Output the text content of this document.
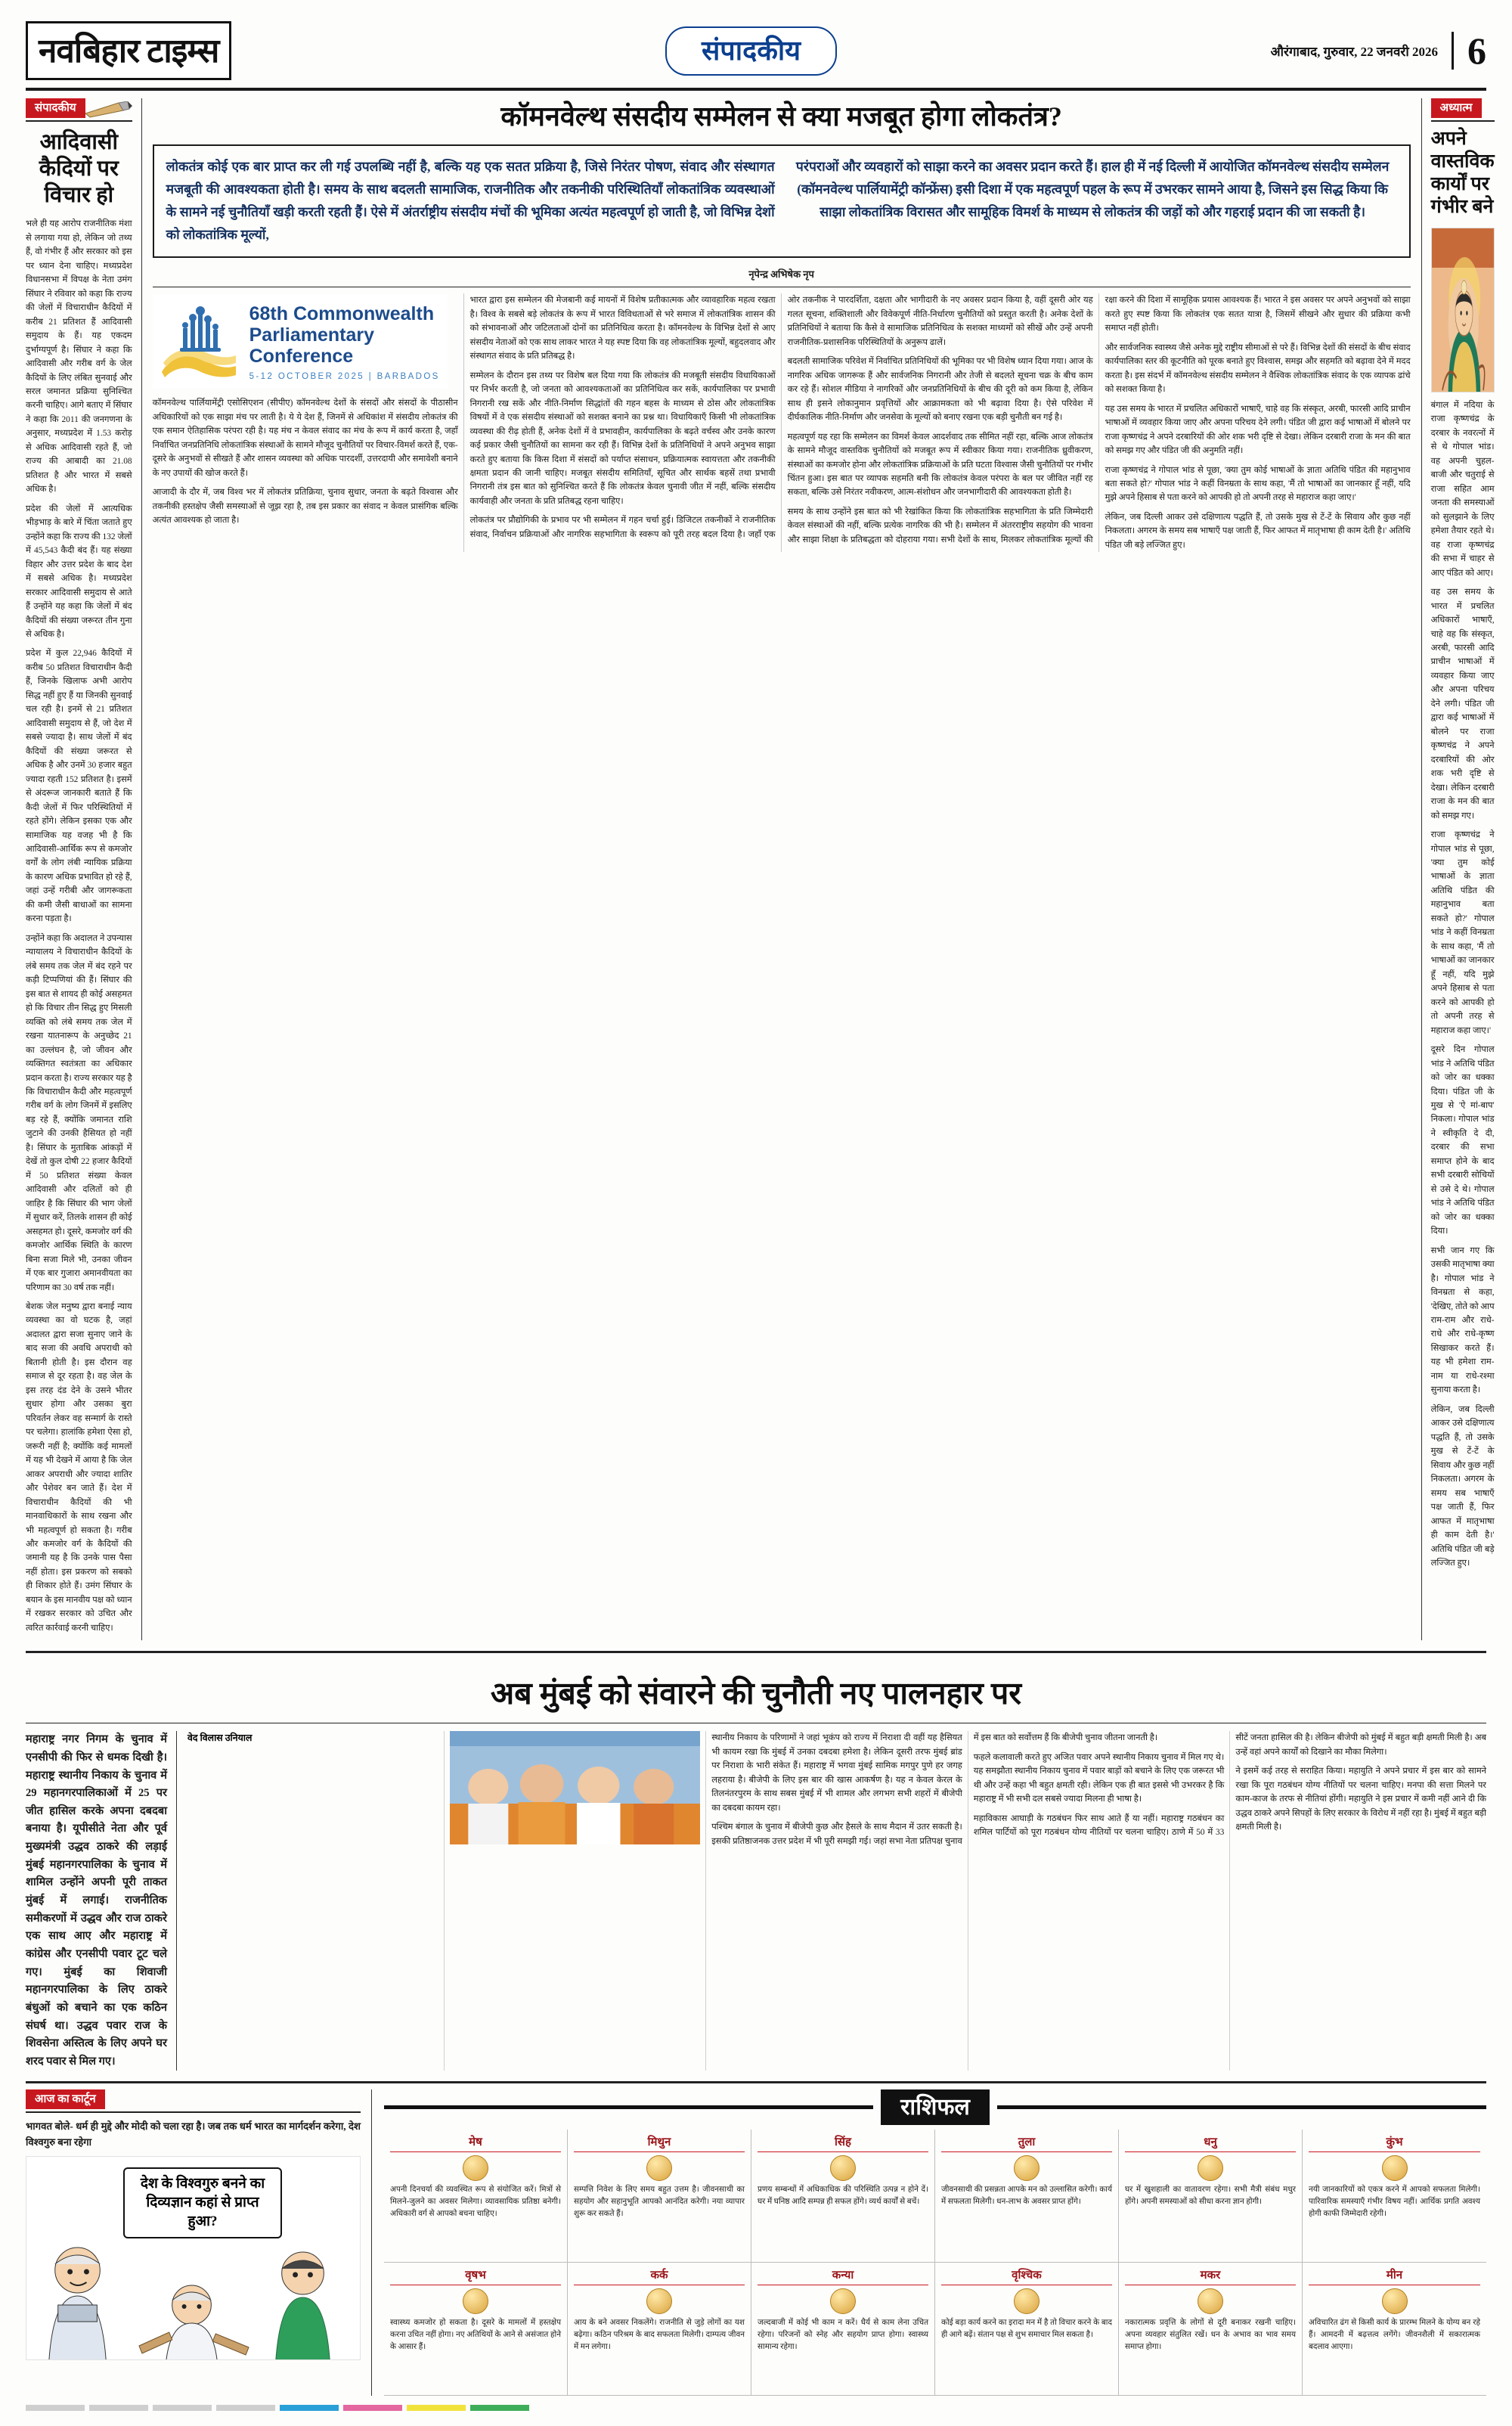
नवबिहार टाइम्स	संपादकीय	औरंगाबाद, गुरुवार, 22 जनवरी 2026 6
संपादकीय
आदिवासी कैदियों पर विचार हो

भले ही यह आरोप राजनीतिक मंशा से लगाया गया हो, लेकिन जो तथ्य हैं, वो गंभीर हैं और सरकार को इस पर ध्यान देना चाहिए। मध्यप्रदेश विधानसभा में विपक्ष के नेता उमंग सिंघार ने रविवार को कहा कि राज्य की जेलों में विचाराधीन कैदियों में करीब 21 प्रतिशत हैं आदिवासी समुदाय के हैं। यह एकदम दुर्भाग्यपूर्ण है। सिंघार ने कहा कि आदिवासी और गरीब वर्ग के जेल कैदियों के लिए लंबित सुनवाई और सरल जमानत प्रक्रिया सुनिश्चित करनी चाहिए। आगे बताए में सिंघार ने कहा कि 2011 की जनगणना के अनुसार, मध्यप्रदेश में 1.53 करोड़ से अधिक आदिवासी रहते हैं, जो राज्य की आबादी का 21.08 प्रतिशत है और भारत में सबसे अधिक है।

प्रदेश की जेलों में आत्यधिक भीड़भाड़ के बारे में चिंता जताते हुए उन्होंने कहा कि राज्य की 132 जेलों में 45,543 कैदी बंद हैं। यह संख्या विहार और उत्तर प्रदेश के बाद देश में सबसे अधिक है। मध्यप्रदेश सरकार आदिवासी समुदाय से आते हैं उन्होंने यह कहा कि जेलों में बंद कैदियों की संख्या जरूरत तीन गुना से अधिक है।

प्रदेश में कुल 22,946 कैदियों में करीब 50 प्रतिशत विचाराधीन कैदी हैं, जिनके खिलाफ अभी आरोप सिद्ध नहीं हुए हैं या जिनकी सुनवाई चल रही है। इनमें से 21 प्रतिशत आदिवासी समुदाय से हैं, जो देश में सबसे ज्यादा है। साथ जेलों में बंद कैदियों की संख्या जरूरत से अधिक है और उनमें 30 हजार बहुत ज्यादा रहती 152 प्रतिशत है। इसमें से अंदरूज जानकारी बताते हैं कि कैदी जेलों में फिर परिस्थितियों में रहते होंगे। लेकिन इसका एक और सामाजिक यह वजह भी है कि आदिवासी-आर्थिक रूप से कमजोर वर्गों के लोग लंबी न्यायिक प्रक्रिया के कारण अधिक प्रभावित हो रहे हैं, जहां उन्हें गरीबी और जागरूकता की कमी जैसी बाधाओं का सामना करना पड़ता है।

उन्होंने कहा कि अदालत ने उपन्यास न्यायालय ने विचाराधीन कैदियों के लंबे समय तक जेल में बंद रहने पर कड़ी टिप्पणियां की हैं। सिंघार की इस बात से शायद ही कोई असहमत हो कि विचार तीन सिद्ध हुए मिसली व्यक्ति को लंबे समय तक जेल में रखना यातनारूप के अनुच्छेद 21 का उल्लंघन है, जो जीवन और व्यक्तिगत स्वतंत्रता का अधिकार प्रदान करता है। राज्य सरकार यह है कि विचाराधीन कैदी और महत्वपूर्ण गरीब वर्ग के लोग जिनमें में इसलिए बड़ रहे हैं, क्योंकि जमानत राशि जुटाने की उनकी हैसियत हो नहीं है। सिंघार के मुताबिक आंकड़ों में देखें तो कुल दोषी 22 हजार कैदियों में 50 प्रतिशत संख्या केवल आदिवासी और दलितों को ही जाहिर है कि सिंघार की भाग जेलों में सुधार करें, तिलके शासन ही कोई असहमत हो। दूसरे, कमजोर वर्ग की कमजोर आर्थिक स्थिति के कारण बिना सजा मिले भी, उनका जीवन में एक बार गुजारा अमानवीयता का परिणाम का 30 वर्ष तक नहीं।

बेशक जेल मनुष्य द्वारा बनाई न्याय व्यवस्था का वो घटक है, जहां अदालत द्वारा सजा सुनाए जाने के बाद सजा की अवधि अपराधी को बितानी होती है। इस दौरान वह समाज से दूर रहता है। वह जेल के इस तरह दंड देने के उसने भीतर सुधार होगा और उसका बुरा परिवर्तन लेकर वह सन्मार्ग के रास्ते पर चलेगा। हालांकि हमेशा ऐसा हो, जरूरी नहीं है; क्योंकि कई मामलों में यह भी देखने में आया है कि जेल आकर अपराधी और ज्यादा शातिर और पेशेवर बन जाते हैं। देश में विचाराधीन कैदियों की भी मानवाधिकारों के साथ रखना और भी महत्वपूर्ण हो सकता है। गरीब और कमजोर वर्ग के कैदियों की जमानी यह है कि उनके पास पैसा नहीं होता। इस प्रकरण को सबको ही शिकार होते हैं। उमंग सिंघार के बयान के इस मानवीय पक्ष को ध्यान में रखकर सरकार को उचित और त्वरित कार्रवाई करनी चाहिए।

कॉमनवेल्थ संसदीय सम्मेलन से क्या मजबूत होगा लोकतंत्र?
लोकतंत्र कोई एक बार प्राप्त कर ली गई उपलब्धि नहीं है, बल्कि यह एक सतत प्रक्रिया है, जिसे निरंतर पोषण, संवाद और संस्थागत मजबूती की आवश्यकता होती है। समय के साथ बदलती सामाजिक, राजनीतिक और तकनीकी परिस्थितियाँ लोकतांत्रिक व्यवस्थाओं के सामने नई चुनौतियाँ खड़ी करती रहती हैं। ऐसे में अंतर्राष्ट्रीय संसदीय मंचों की भूमिका अत्यंत महत्वपूर्ण हो जाती है, जो विभिन्न देशों को लोकतांत्रिक मूल्यों,
परंपराओं और व्यवहारों को साझा करने का अवसर प्रदान करते हैं। हाल ही में नई दिल्ली में आयोजित कॉमनवेल्थ संसदीय सम्मेलन (कॉमनवेल्थ पार्लियामेंट्री कॉन्फ्रेंस) इसी दिशा में एक महत्वपूर्ण पहल के रूप में उभरकर सामने आया है, जिसने इस सिद्ध किया कि साझा लोकतांत्रिक विरासत और सामूहिक विमर्श के माध्यम से लोकतंत्र की जड़ों को और गहराई प्रदान की जा सकती है।
नृपेन्द्र अभिषेक नृप
68th Commonwealth
Parliamentary Conference
5-12 OCTOBER 2025 | BARBADOS

कॉमनवेल्थ पार्लियामेंट्री एसोसिएशन (सीपीए) कॉमनवेल्थ देशों के संसदों और संसदों के पीठासीन अधिकारियों को एक साझा मंच पर लाती है। ये ये देश हैं, जिनमें से अधिकांश में संसदीय लोकतंत्र की एक समान ऐतिहासिक परंपरा रही है। यह मंच न केवल संवाद का मंच के रूप में कार्य करता है, जहाँ निर्वाचित जनप्रतिनिधि लोकतांत्रिक संस्थाओं के सामने मौजूद चुनौतियों पर विचार-विमर्श करते हैं, एक-दूसरे के अनुभवों से सीखते हैं और शासन व्यवस्था को अधिक पारदर्शी, उत्तरदायी और समावेशी बनाने के नए उपायों की खोज करते हैं।

आजादी के दौर में, जब विश्व भर में लोकतंत्र प्रतिक्रिया, चुनाव सुधार, जनता के बढ़ते विश्वास और तकनीकी हस्तक्षेप जैसी समस्याओं से जूझ रहा है, तब इस प्रकार का संवाद न केवल प्रासंगिक बल्कि अत्यंत आवश्यक हो जाता है।

भारत द्वारा इस सम्मेलन की मेजबानी कई मायनों में विशेष प्रतीकात्मक और व्यावहारिक महत्व रखता है। विश्व के सबसे बड़े लोकतंत्र के रूप में भारत विविधताओं से भरे समाज में लोकतांत्रिक शासन की को संभावनाओं और जटिलताओं दोनों का प्रतिनिधित्व करता है। कॉमनवेल्थ के विभिन्न देशों से आए संसदीय नेताओं को एक साथ लाकर भारत ने यह स्पष्ट दिया कि वह लोकतांत्रिक मूल्यों, बहुदलवाद और संस्थागत संवाद के प्रति प्रतिबद्ध है।

सम्मेलन के दौरान इस तथ्य पर विशेष बल दिया गया कि लोकतंत्र की मजबूती संसदीय विधायिकाओं पर निर्भर करती है, जो जनता को आवश्यकताओं का प्रतिनिधित्व कर सकें, कार्यपालिका पर प्रभावी निगरानी रख सकें और नीति-निर्माण सिद्धांतों की गहन बहस के माध्यम से ठोस और लोकतांत्रिक विषयों में वे एक संसदीय संस्थाओं को सशक्त बनाने का प्रश्न था। विधायिकाएँ किसी भी लोकतांत्रिक व्यवस्था की रीढ़ होती हैं, अनेक देशों में वे प्रभावहीन, कार्यपालिका के बढ़ते वर्चस्व और उनके कारण कई प्रकार जैसी चुनौतियों का सामना कर रही हैं। विभिन्न देशों के प्रतिनिधियों ने अपने अनुभव साझा करते हुए बताया कि किस दिशा में संसदों को पर्याप्त संसाधन, प्रक्रियात्मक स्वायत्तता और तकनीकी क्षमता प्रदान की जानी चाहिए। मजबूत संसदीय समितियाँ, सूचित और सार्थक बहसें तथा प्रभावी निगरानी तंत्र इस बात को सुनिश्चित करते हैं कि लोकतंत्र केवल चुनावी जीत में नहीं, बल्कि संसदीय कार्यवाही और जनता के प्रति प्रतिबद्ध रहना चाहिए।

लोकतंत्र पर प्रौद्योगिकी के प्रभाव पर भी सम्मेलन में गहन चर्चा हुई। डिजिटल तकनीकों ने राजनीतिक संवाद, निर्वाचन प्रक्रियाओं और नागरिक सहभागिता के स्वरूप को पूरी तरह बदल दिया है। जहाँ एक ओर तकनीक ने पारदर्शिता, दक्षता और भागीदारी के नए अवसर प्रदान किया है, वहीं दूसरी ओर यह गलत सूचना, शक्तिशाली और विवेकपूर्ण नीति-निर्धारण चुनौतियों को प्रस्तुत करती है। अनेक देशों के प्रतिनिधियों ने बताया कि कैसे वे सामाजिक प्रतिनिधित्व के सशक्त माध्यमों को सीखें और उन्हें अपनी राजनीतिक-प्रशासनिक परिस्थितियों के अनुरूप ढालें।

बदलती सामाजिक परिवेश में निर्वाचित प्रतिनिधियों की भूमिका पर भी विशेष ध्यान दिया गया। आज के नागरिक अधिक जागरूक हैं और सार्वजनिक निगरानी और तेजी से बदलते सूचना चक्र के बीच काम कर रहे हैं। सोशल मीडिया ने नागरिकों और जनप्रतिनिधियों के बीच की दूरी को कम किया है, लेकिन साथ ही इसने लोकानुमान प्रवृत्तियों और आक्रामकता को भी बढ़ावा दिया है। ऐसे परिवेश में दीर्घकालिक नीति-निर्माण और जनसेवा के मूल्यों को बनाए रखना एक बड़ी चुनौती बन गई है।

महत्वपूर्ण यह रहा कि सम्मेलन का विमर्श केवल आदर्शवाद तक सीमित नहीं रहा, बल्कि आज लोकतंत्र के सामने मौजूद वास्तविक चुनौतियों को मजबूत रूप में स्वीकार किया गया। राजनीतिक ध्रुवीकरण, संस्थाओं का कमजोर होना और लोकतांत्रिक प्रक्रियाओं के प्रति घटता विश्वास जैसी चुनौतियों पर गंभीर चिंतन हुआ। इस बात पर व्यापक सहमति बनी कि लोकतंत्र केवल परंपरा के बल पर जीवित नहीं रह सकता, बल्कि उसे निरंतर नवीकरण, आत्म-संशोधन और जनभागीदारी की आवश्यकता होती है।

समय के साथ उन्होंने इस बात को भी रेखांकित किया कि लोकतांत्रिक सहभागिता के प्रति जिम्मेदारी केवल संस्थाओं की नहीं, बल्कि प्रत्येक नागरिक की भी है। सम्मेलन में अंतरराष्ट्रीय सहयोग की भावना और साझा शिक्षा के प्रतिबद्धता को दोहराया गया। सभी देशों के साथ, मिलकर लोकतांत्रिक मूल्यों की रक्षा करने की दिशा में सामूहिक प्रयास आवश्यक हैं। भारत ने इस अवसर पर अपने अनुभवों को साझा करते हुए स्पष्ट किया कि लोकतंत्र एक सतत यात्रा है, जिसमें सीखने और सुधार की प्रक्रिया कभी समाप्त नहीं होती।

और सार्वजनिक स्वास्थ्य जैसे अनेक मुद्दे राष्ट्रीय सीमाओं से परे हैं। विभिन्न देशों की संसदों के बीच संवाद कार्यपालिका स्तर की कूटनीति को पूरक बनाते हुए विश्वास, समझ और सहमति को बढ़ावा देने में मदद करता है। इस संदर्भ में कॉमनवेल्थ संसदीय सम्मेलन ने वैश्विक लोकतांत्रिक संवाद के एक व्यापक ढांचे को सशक्त किया है।

यह उस समय के भारत में प्रचलित अधिकारों भाषाएँ, चाहे वह कि संस्कृत, अरबी, फारसी आदि प्राचीन भाषाओं में व्यवहार किया जाए और अपना परिचय देने लगी। पंडित जी द्वारा कई भाषाओं में बोलने पर राजा कृष्णचंद्र ने अपने दरबारियों की ओर शक भरी दृष्टि से देखा। लेकिन दरबारी राजा के मन की बात को समझ गए और पंडित जी की अनुमति नहीं।

राजा कृष्णचंद्र ने गोपाल भांड से पूछा, 'क्या तुम कोई भाषाओं के ज्ञाता अतिथि पंडित की महानुभाव बता सकते हो?' गोपाल भांड ने कहीं विनम्रता के साथ कहा, 'मैं तो भाषाओं का जानकार हूँ नहीं, यदि मुझे अपने हिसाब से पता करने को आपकी हो तो अपनी तरह से महाराज कहा जाए।'

लेकिन, जब दिल्ली आकर उसे दक्षिणात्य पद्धति हैं, तो उसके मुख से टें-टें के सिवाय और कुछ नहीं निकलता। अगरम के समय सब भाषाएँ पक्ष जाती हैं, फिर आफत में मातृभाषा ही काम देती है।' अतिथि पंडित जी बड़े लज्जित हुए।

अध्यात्म
अपने वास्तविक कार्यों पर गंभीर बने

बंगाल में नदिया के राजा कृष्णचंद्र के दरबार के नवरत्नों में से थे गोपाल भांड। वह अपनी चुहल-बाजी और चतुराई से राजा सहित आम जनता की समस्याओं को सुलझाने के लिए हमेशा तैयार रहते थे। वह राजा कृष्णचंद्र की सभा में चाहर से आए पंडित को आए।

वह उस समय के भारत में प्रचलित अधिकारों भाषाएँ, चाहे वह कि संस्कृत, अरबी, फारसी आदि प्राचीन भाषाओं में व्यवहार किया जाए और अपना परिचय देने लगी। पंडित जी द्वारा कई भाषाओं में बोलने पर राजा कृष्णचंद्र ने अपने दरबारियों की ओर शक भरी दृष्टि से देखा। लेकिन दरबारी राजा के मन की बात को समझ गए।

राजा कृष्णचंद्र ने गोपाल भांड से पूछा, 'क्या तुम कोई भाषाओं के ज्ञाता अतिथि पंडित की महानुभाव बता सकते हो?' गोपाल भांड ने कहीं विनम्रता के साथ कहा, 'मैं तो भाषाओं का जानकार हूँ नहीं, यदि मुझे अपने हिसाब से पता करने को आपकी हो तो अपनी तरह से महाराज कहा जाए।'

दूसरे दिन गोपाल भांड ने अतिथि पंडित को जोर का धक्का दिया। पंडित जी के मुख से 'ऐ मां-बाप' निकला। गोपाल भांड ने स्वीकृति दे दी, दरबार की सभा समाप्त होने के बाद सभी दरबारी सोचियों से उसे दे थे। गोपाल भांड ने अतिथि पंडित को जोर का धक्का दिया।

सभी जान गए कि उसकी मातृभाषा क्या है। गोपाल भांड ने विनम्रता से कहा, 'देखिए, तोते को आप राम-राम और राधे-राधे और राधे-कृष्ण सिखाकर करते हैं। यह भी हमेशा राम-नाम या राधे-रश्मा सुनाया करता है।

लेकिन, जब दिल्ली आकर उसे दक्षिणात्य पद्धति हैं, तो उसके मुख से टें-टें के सिवाय और कुछ नहीं निकलता। अगरम के समय सब भाषाएँ पक्ष जाती हैं, फिर आफत में मातृभाषा ही काम देती है।' अतिथि पंडित जी बड़े लज्जित हुए।

अब मुंबई को संवारने की चुनौती नए पालनहार पर
महाराष्ट्र नगर निगम के चुनाव में एनसीपी की फिर से धमक दिखी है। महाराष्ट्र स्थानीय निकाय के चुनाव में 29 महानगरपालिकाओं में 25 पर जीत हासिल करके अपना दबदबा बनाया है। यूपीसीते नेता और पूर्व मुख्यमंत्री उद्धव ठाकरे की लड़ाई मुंबई महानगरपालिका के चुनाव में शामिल उन्होंने अपनी पूरी ताकत मुंबई में लगाई। राजनीतिक समीकरणों में उद्धव और राज ठाकरे एक साथ आए और महाराष्ट्र में कांग्रेस और एनसीपी पवार टूट चले गए। मुंबई का शिवाजी महानगरपालिका के लिए ठाकरे बंधुओं को बचाने का एक कठिन संघर्ष था। उद्धव पवार राज के शिवसेना अस्तित्व के लिए अपने घर शरद पवार से मिल गए।
वेद विलास उनियाल	स्थानीय निकाय के परिणामों ने जहां भूकंप को राज्य में निराशा दी वहीं यह हैसियत भी कायम रखा कि मुंबई में उनका दबदबा हमेशा है। लेकिन दूसरी तरफ मुंबई ब्रांड पर निराशा के भारी संकेत हैं। महाराष्ट्र में भगवा मुंबई सामिक मगपुर पुणे हर जगह लहराया है। बीजेपी के लिए इस बार की खास आकर्षण है। यह न केवल केरल के तिलनंतरपुरम के साथ सबस मुंबई में भी शामल और लगभग सभी शहरों में बीजेपी का दबदबा कायम रहा।

पश्चिम बंगाल के चुनाव में बीजेपी कुछ और हैसले के साथ मैदान में उतर सकती है। इसकी प्रतिष्ठाजनक उत्तर प्रदेश में भी पूरी समझी गई। जहां सभा नेता प्रतिपक्ष चुनाव में इस बात को सर्वोत्तम हैं कि बीजेपी चुनाव जीतना जानती है।

फहले कलावाली करते हुए अजित पवार अपने स्थानीय निकाय चुनाव में मिल गए थे। यह समझौता स्थानीय निकाय चुनाव में पवार बाड़ों को बचाने के लिए एक जरूरत भी थी और उन्हें कहा भी बहुत क्षमती रही। लेकिन एक ही बात इससे भी उभरकर है कि महाराष्ट्र में भी सभी दल सबसे ज्यादा मिलना ही भाषा है।

महाविकास आघाड़ी के गठबंधन फिर साथ आते हैं या नहीं। महाराष्ट्र गठबंधन का शमिल पार्टियों को पूरा गठबंधन योग्य नीतियों पर चलना चाहिए। ठाणे में 50 में 33 सीटें जनता हासिल की है। लेकिन बीजेपी को मुंबई में बहुत बड़ी क्षमती मिली है। अब उन्हें वहां अपने कार्यों को दिखाने का मौका मिलेगा।

ने इसमें कई तरह से सराहित किया। महायुति ने अपने प्रचार में इस बार को सामने रखा कि पूरा गठबंधन योग्य नीतियों पर चलना चाहिए। मनपा की सत्ता मिलने पर काम-काज के तरफ से नीतियां होंगी। महायुति ने इस प्रचार में कमी नहीं आने दी कि उद्धव ठाकरे अपने सिपहों के लिए सरकार के विरोध में नहीं रहा है। मुंबई में बहुत बड़ी क्षमती मिली है।

आज का कार्टून
भागवत बोले- धर्म ही मुद्दे और मोदी को चला रहा है। जब तक धर्म भारत का मार्गदर्शन करेगा, देश विश्वगुरु बना रहेगा
देश के विश्वगुरु बनने का दिव्यज्ञान कहां से प्राप्त हुआ?
राशिफल
मेष
अपनी दिनचर्या की व्यवस्थित रूप से संयोजित करें। मित्रों से मिलने-जुलने का अवसर मिलेगा। व्यावसायिक प्रतिष्ठा बनेगी। अधिकारी वर्ग से आपको बचना चाहिए।
मिथुन
सम्पत्ति निवेश के लिए समय बहुत उत्तम है। जीवनसाथी का सहयोग और सहानुभूति आपको आनंदित करेगी। नया व्यापार शुरू कर सकते हैं।
सिंह
प्रणय सम्बन्धों में अधिकाधिक की परिस्थिति उत्पन्न न होने दें। घर में घनिष्ठ आदि सम्पन्न ही सफल होंगे। व्यर्थ कार्यों से बचें।
तुला
जीवनसाथी की प्रसन्नता आपके मन को उल्लासित करेगी। कार्य में सफलता मिलेगी। धन-लाभ के अवसर प्राप्त होंगे।
धनु
घर में खुशहाली का वातावरण रहेगा। सभी मैत्री संबंध मधुर होंगे। अपनी समस्याओं को सीधा करना ज्ञान होगी।
कुंभ
नयी जानकारियों को एकत्र करने में आपको सफलता मिलेगी। पारिवारिक समस्याएँ गंभीर विषय नहीं। आर्थिक प्रगति अवश्य होगी काफी जिम्मेदारी रहेगी।
वृषभ
स्वास्थ्य कमजोर हो सकता है। दूसरे के मामलों में हस्तक्षेप करना उचित नहीं होगा। नए अतिथियों के आने से असंजात होने के आसार हैं।
कर्क
आय के बने अवसर निकलेंगे। राजनीति से जुड़े लोगों का यश बढ़ेगा। कठिन परिश्रम के बाद सफलता मिलेगी। दाम्पत्य जीवन में मन लगेगा।
कन्या
जल्दबाजी में कोई भी काम न करें। धैर्य से काम लेना उचित रहेगा। परिजनों को स्नेह और सहयोग प्राप्त होगा। स्वास्थ्य सामान्य रहेगा।
वृश्चिक
कोई बड़ा कार्य करने का इरादा मन में है तो विचार करने के बाद ही आगे बढ़ें। संतान पक्ष से शुभ समाचार मिल सकता है।
मकर
नकारात्मक प्रवृत्ति के लोगों से दूरी बनाकर रखनी चाहिए। अपना व्यवहार संतुलित रखें। धन के अभाव का भाव समय समाप्त होगा।
मीन
अविचारित ढंग से किसी कार्य के प्रारम्भ मिलने के योग्य बन रहे हैं। आमदनी में बढ़त्तत्व लगेंगे। जीवनशैली में सकारात्मक बदलाव आएगा।
